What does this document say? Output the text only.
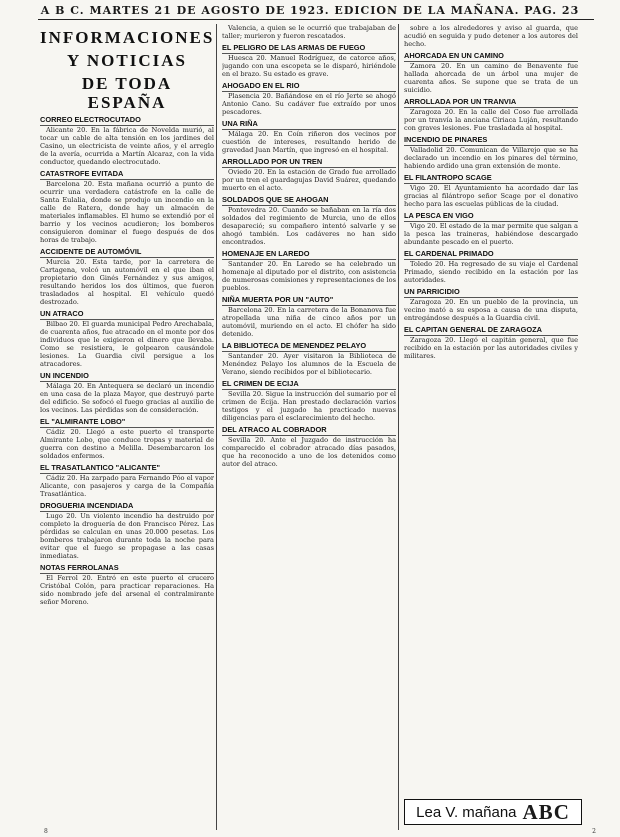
A B C. MARTES 21 DE AGOSTO DE 1923. EDICION DE LA MAÑANA. PAG. 23
INFORMACIONES
Y NOTICIAS
DE TODA ESPAÑA
CORREO ELECTROCUTADO
Alicante 20. En la fábrica de Novelda murió, al tocar un cable de alta tensión en los jardines del Casino, un electricista de veinte años, y el arreglo de la avería, ocurrida a Martín Alcaraz, con la vida conductor, quedando electrocutado.
CATASTROFE EVITADA
Barcelona 20. Esta mañana ocurrió a punto de ocurrir una verdadera catástrofe en la calle de Santa Eulalia, donde se produjo un incendio en la calle de Ratera, donde hay un almacén de materiales inflamables. El humo se extendió por el barrio y los vecinos acudieron; los bomberos consiguieron dominar el fuego después de dos horas de trabajo.
ACCIDENTE DE AUTOMÓVIL
Murcia 20. Esta tarde, por la carretera de Cartagena, volcó un automóvil en el que iban el propietario don Ginés Fernández y sus amigos, resultando heridos los dos últimos, que fueron trasladados al hospital. El vehículo quedó destrozado.
UN ATRACO
Bilbao 20. El guarda municipal Pedro Arechabala, de cuarenta años, fue atracado en el monte por dos individuos que le exigieron el dinero que llevaba. Como se resistiera, le golpearon causándole lesiones. La Guardia civil persigue a los atracadores.
UN INCENDIO
Málaga 20. En Antequera se declaró un incendio en una casa de la plaza Mayor, que destruyó parte del edificio. Se sofocó el fuego gracias al auxilio de los vecinos. Las pérdidas son de consideración.
EL "ALMIRANTE LOBO"
Cádiz 20. Llegó a este puerto el transporte Almirante Lobo, que conduce tropas y material de guerra con destino a Melilla. Desembarcaron los soldados enfermos.
EL TRASATLANTICO "ALICANTE"
Cádiz 20. Ha zarpado para Fernando Póo el vapor Alicante, con pasajeros y carga de la Compañía Trasatlántica.
DROGUERIA INCENDIADA
Lugo 20. Un violento incendio ha destruido por completo la droguería de don Francisco Pérez. Las pérdidas se calculan en unas 20.000 pesetas. Los bomberos trabajaron durante toda la noche para evitar que el fuego se propagase a las casas inmediatas.
NOTAS FERROLANAS
El Ferrol 20. Entró en este puerto el crucero Cristóbal Colón, para practicar reparaciones. Ha sido nombrado jefe del arsenal el contralmirante señor Moreno.
Valencia, a quien se le ocurrió que trabajaban de taller; murieron y fueron rescatados.
EL PELIGRO DE LAS ARMAS DE FUEGO
Huesca 20. Manuel Rodríguez, de catorce años, jugando con una escopeta se le disparó, hiriéndole en el brazo. Su estado es grave.
AHOGADO EN EL RIO
Plasencia 20. Bañándose en el río Jerte se ahogó Antonio Cano. Su cadáver fue extraído por unos pescadores.
UNA RIÑA
Málaga 20. En Coín riñeron dos vecinos por cuestión de intereses, resultando herido de gravedad Juan Martín, que ingresó en el hospital.
ARROLLADO POR UN TREN
Oviedo 20. En la estación de Grado fue arrollado por un tren el guardagujas David Suárez, quedando muerto en el acto.
SOLDADOS QUE SE AHOGAN
Pontevedra 20. Cuando se bañaban en la ría dos soldados del regimiento de Murcia, uno de ellos desapareció; su compañero intentó salvarle y se ahogó también. Los cadáveres no han sido encontrados.
HOMENAJE EN LAREDO
Santander 20. En Laredo se ha celebrado un homenaje al diputado por el distrito, con asistencia de numerosas comisiones y representaciones de los pueblos.
NIÑA MUERTA POR UN "AUTO"
Barcelona 20. En la carretera de la Bonanova fue atropellada una niña de cinco años por un automóvil, muriendo en el acto. El chófer ha sido detenido.
LA BIBLIOTECA DE MENENDEZ PELAYO
Santander 20. Ayer visitaron la Biblioteca de Menéndez Pelayo los alumnos de la Escuela de Verano, siendo recibidos por el bibliotecario.
EL CRIMEN DE ECIJA
Sevilla 20. Sigue la instrucción del sumario por el crimen de Écija. Han prestado declaración varios testigos y el juzgado ha practicado nuevas diligencias para el esclarecimiento del hecho.
DEL ATRACO AL COBRADOR
Sevilla 20. Ante el Juzgado de instrucción ha comparecido el cobrador atracado días pasados, que ha reconocido a uno de los detenidos como autor del atraco.
sobre a los alrededores y aviso al guarda, que acudió en seguida y pudo detener a los autores del hecho.
AHORCADA EN UN CAMINO
Zamora 20. En un camino de Benavente fue hallada ahorcada de un árbol una mujer de cuarenta años. Se supone que se trata de un suicidio.
ARROLLADA POR UN TRANVIA
Zaragoza 20. En la calle del Coso fue arrollada por un tranvía la anciana Ciriaca Luján, resultando con graves lesiones. Fue trasladada al hospital.
INCENDIO DE PINARES
Valladolid 20. Comunican de Villarejo que se ha declarado un incendio en los pinares del término, habiendo ardido una gran extensión de monte.
EL FILANTROPO SCAGE
Vigo 20. El Ayuntamiento ha acordado dar las gracias al filántropo señor Scage por el donativo hecho para las escuelas públicas de la ciudad.
LA PESCA EN VIGO
Vigo 20. El estado de la mar permite que salgan a la pesca las traineras, habiéndose descargado abundante pescado en el puerto.
EL CARDENAL PRIMADO
Toledo 20. Ha regresado de su viaje el Cardenal Primado, siendo recibido en la estación por las autoridades.
UN PARRICIDIO
Zaragoza 20. En un pueblo de la provincia, un vecino mató a su esposa a causa de una disputa, entregándose después a la Guardia civil.
EL CAPITAN GENERAL DE ZARAGOZA
Zaragoza 20. Llegó el capitán general, que fue recibido en la estación por las autoridades civiles y militares.
Lea V. mañana ABC
8	2
